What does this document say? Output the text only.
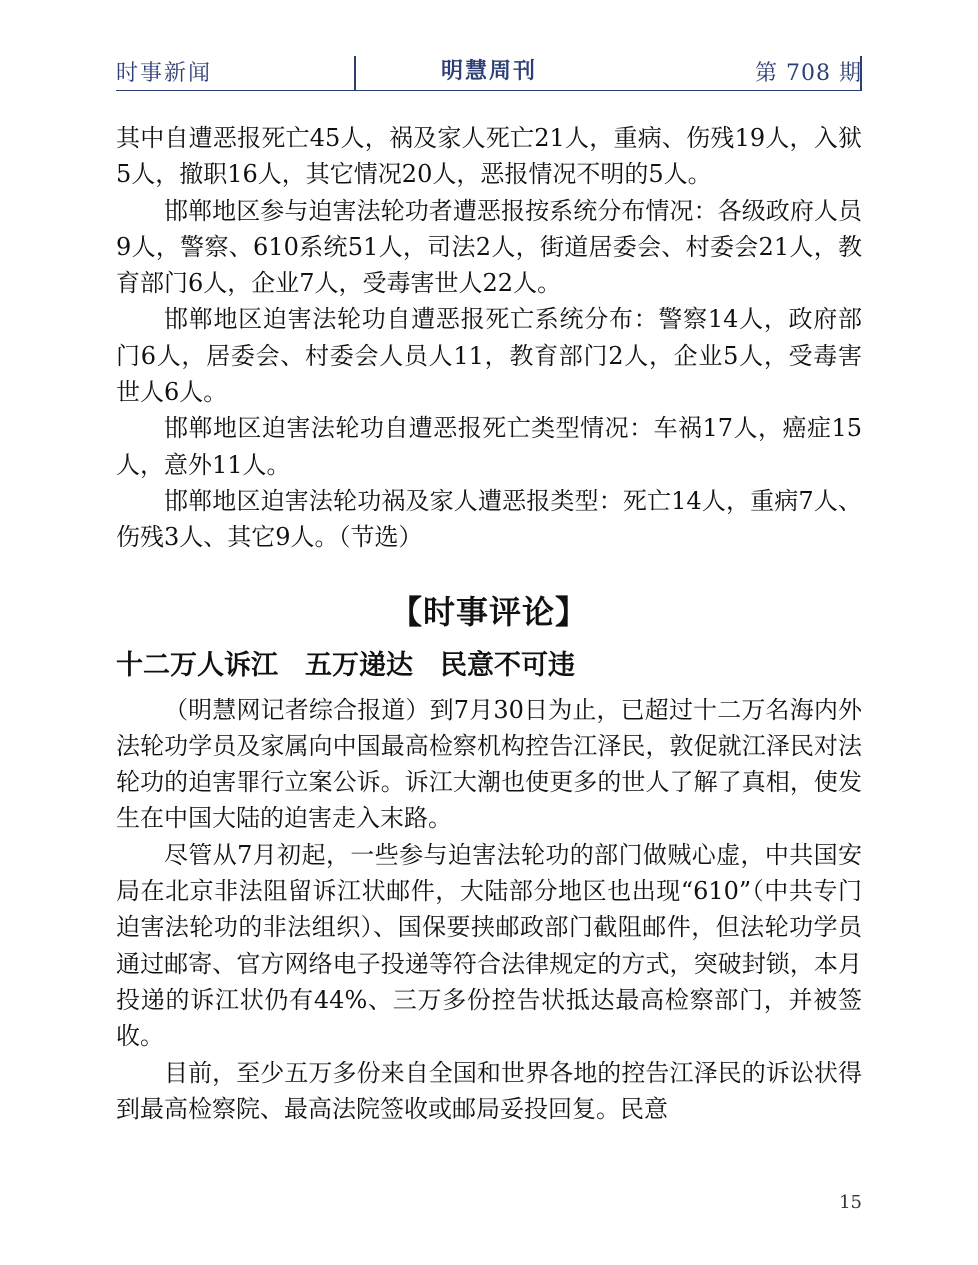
时事新闻	明慧周刊	第 708 期

其中自遭恶报死亡45人，祸及家人死亡21人，重病、伤残19人，入狱5人，撤职16人，其它情况20人，恶报情况不明的5人。

邯郸地区参与迫害法轮功者遭恶报按系统分布情况：各级政府人员9人，警察、610系统51人，司法2人，街道居委会、村委会21人，教育部门6人，企业7人，受毒害世人22人。

邯郸地区迫害法轮功自遭恶报死亡系统分布：警察14人，政府部门6人，居委会、村委会人员人11，教育部门2人，企业5人，受毒害世人6人。

邯郸地区迫害法轮功自遭恶报死亡类型情况：车祸17人，癌症15人，意外11人。

邯郸地区迫害法轮功祸及家人遭恶报类型：死亡14人，重病7人、伤残3人、其它9人。（节选）

【时事评论】
十二万人诉江　五万递达　民意不可违

（明慧网记者综合报道）到7月30日为止，已超过十二万名海内外法轮功学员及家属向中国最高检察机构控告江泽民，敦促就江泽民对法轮功的迫害罪行立案公诉。诉江大潮也使更多的世人了解了真相，使发生在中国大陆的迫害走入末路。

尽管从7月初起，一些参与迫害法轮功的部门做贼心虚，中共国安局在北京非法阻留诉江状邮件，大陆部分地区也出现“610”（中共专门迫害法轮功的非法组织）、国保要挟邮政部门截阻邮件，但法轮功学员通过邮寄、官方网络电子投递等符合法律规定的方式，突破封锁，本月投递的诉江状仍有44%、三万多份控告状抵达最高检察部门，并被签收。

目前，至少五万多份来自全国和世界各地的控告江泽民的诉讼状得到最高检察院、最高法院签收或邮局妥投回复。民意

15
